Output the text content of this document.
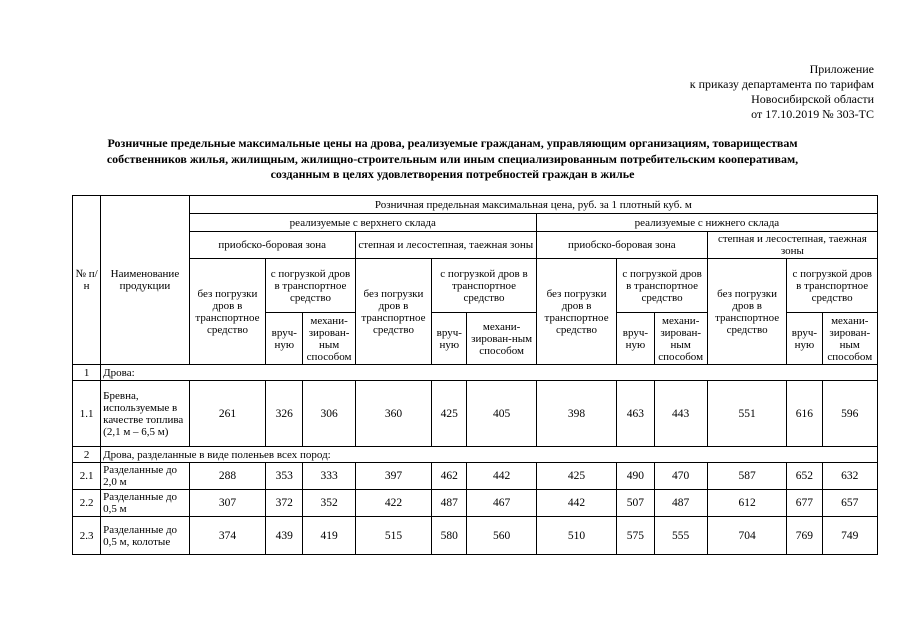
Приложение
к приказу департамента по тарифам
Новосибирской области
от 17.10.2019 № 303-ТС
Розничные предельные максимальные цены на дрова, реализуемые гражданам, управляющим организациям, товариществам
собственников жилья, жилищным, жилищно-строительным или иным специализированным потребительским кооперативам,
созданным в целях удовлетворения потребностей граждан в жилье
№ п/н	Наименование продукции	Розничная предельная максимальная цена, руб. за 1 плотный куб. м											
		реализуемые с верхнего склада						реализуемые с нижнего склада					
		приобско-боровая зона			степная и лесостепная, таежная зоны			приобско-боровая зона			степная и лесостепная, таежная зоны		
		без погрузки дров в транспортное средство	с погрузкой дров в транспортное средство		без погрузки дров в транспортное средство	с погрузкой дров в транспортное средство		без погрузки дров в транспортное средство	с погрузкой дров в транспортное средство		без погрузки дров в транспортное средство	с погрузкой дров в транспортное средство	
			вруч-ную	механи-зирован-ным способом		вруч-ную	механи-зирован-ным способом		вруч-ную	механи-зирован-ным способом		вруч-ную	механи-зирован-ным способом
1	Дрова:												
1.1	Бревна, используемые в качестве топлива (2,1 м – 6,5 м)	261	326	306	360	425	405	398	463	443	551	616	596
2	Дрова, разделанные в виде поленьев всех пород:												
2.1	Разделанные до 2,0 м	288	353	333	397	462	442	425	490	470	587	652	632
2.2	Разделанные до 0,5 м	307	372	352	422	487	467	442	507	487	612	677	657
2.3	Разделанные до 0,5 м, колотые	374	439	419	515	580	560	510	575	555	704	769	749
